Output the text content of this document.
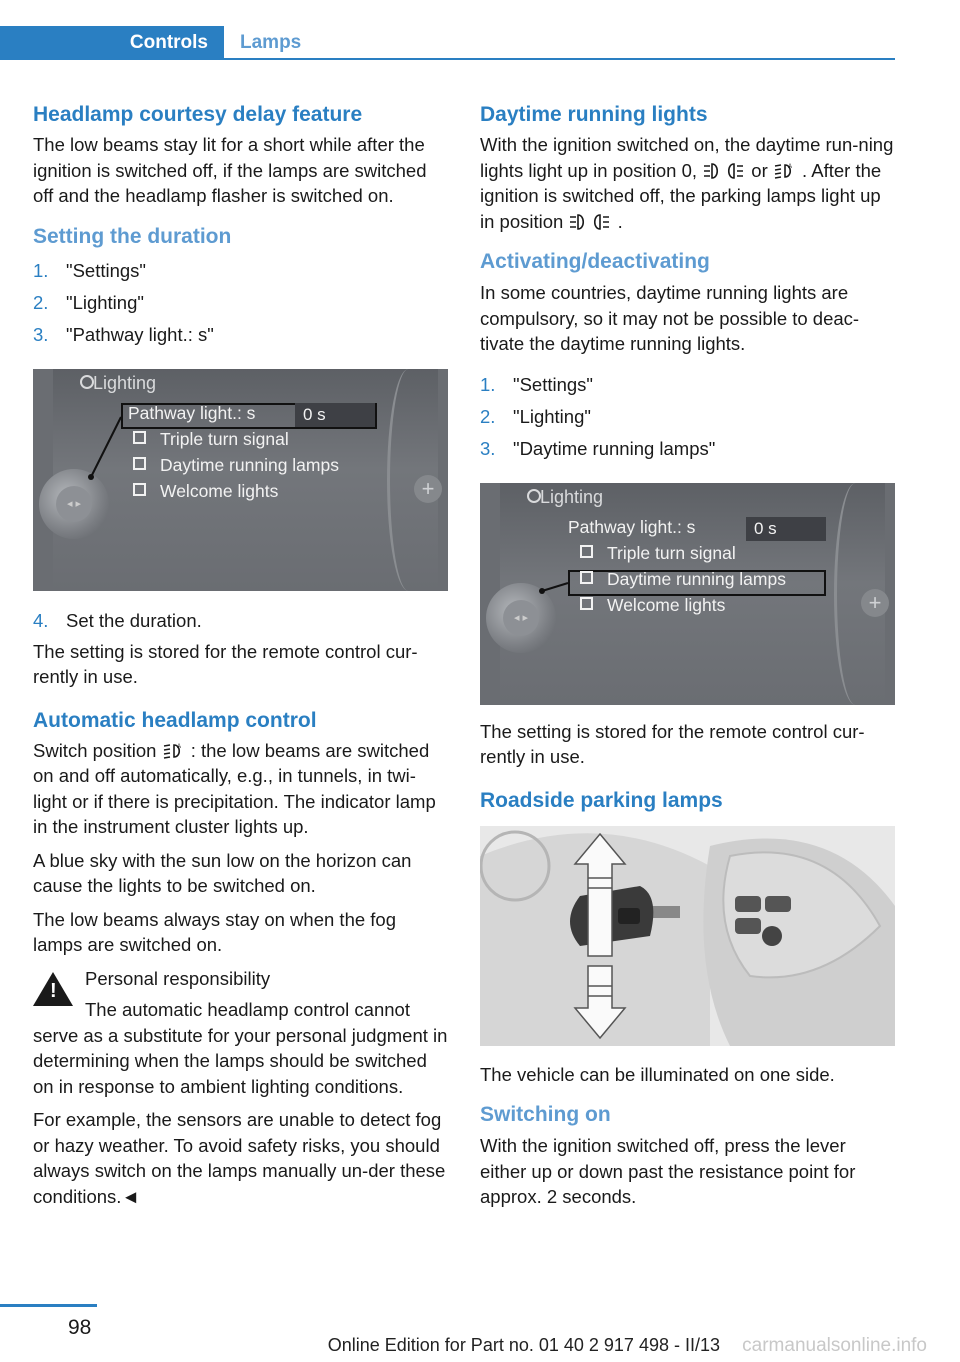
Controls	Lamps
Headlamp courtesy delay feature

The low beams stay lit for a short while after the ignition is switched off, if the lamps are switched off and the headlamp flasher is switched on.

Setting the duration
1. "Settings"
2. "Lighting"
3. "Pathway light.: s"
Lighting
Pathway light.: s	0 s
Triple turn signal
Daytime running lamps
Welcome lights
◂ ▸
+
4. Set the duration.

The setting is stored for the remote control cur-rently in use.

Automatic headlamp control

Switch position	A : the low beams are switched on and off automatically, e.g., in tunnels, in twi-light or if there is precipitation. The indicator lamp in the instrument cluster lights up.

A blue sky with the sun low on the horizon can cause the lights to be switched on.

The low beams always stay on when the fog lamps are switched on.

!

Personal responsibility

The automatic headlamp control cannot

serve as a substitute for your personal judgment in determining when the lamps should be switched on in response to ambient lighting conditions.

For example, the sensors are unable to detect fog or hazy weather. To avoid safety risks, you should always switch on the lamps manually un-der these conditions.◄

Daytime running lights

With the ignition switched on, the daytime run-ning lights light up in position 0,	or	A . After the ignition is switched off, the parking lamps light up in position	.

Activating/deactivating

In some countries, daytime running lights are compulsory, so it may not be possible to deac-tivate the daytime running lights.

1. "Settings"
2. "Lighting"
3. "Daytime running lamps"
Lighting
Pathway light.: s	0 s
Triple turn signal
Daytime running lamps
Welcome lights
◂ ▸
+

The setting is stored for the remote control cur-rently in use.

Roadside parking lamps

The vehicle can be illuminated on one side.

Switching on

With the ignition switched off, press the lever either up or down past the resistance point for approx. 2 seconds.

98
Online Edition for Part no. 01 40 2 917 498 - II/13 carmanualsonline.info
